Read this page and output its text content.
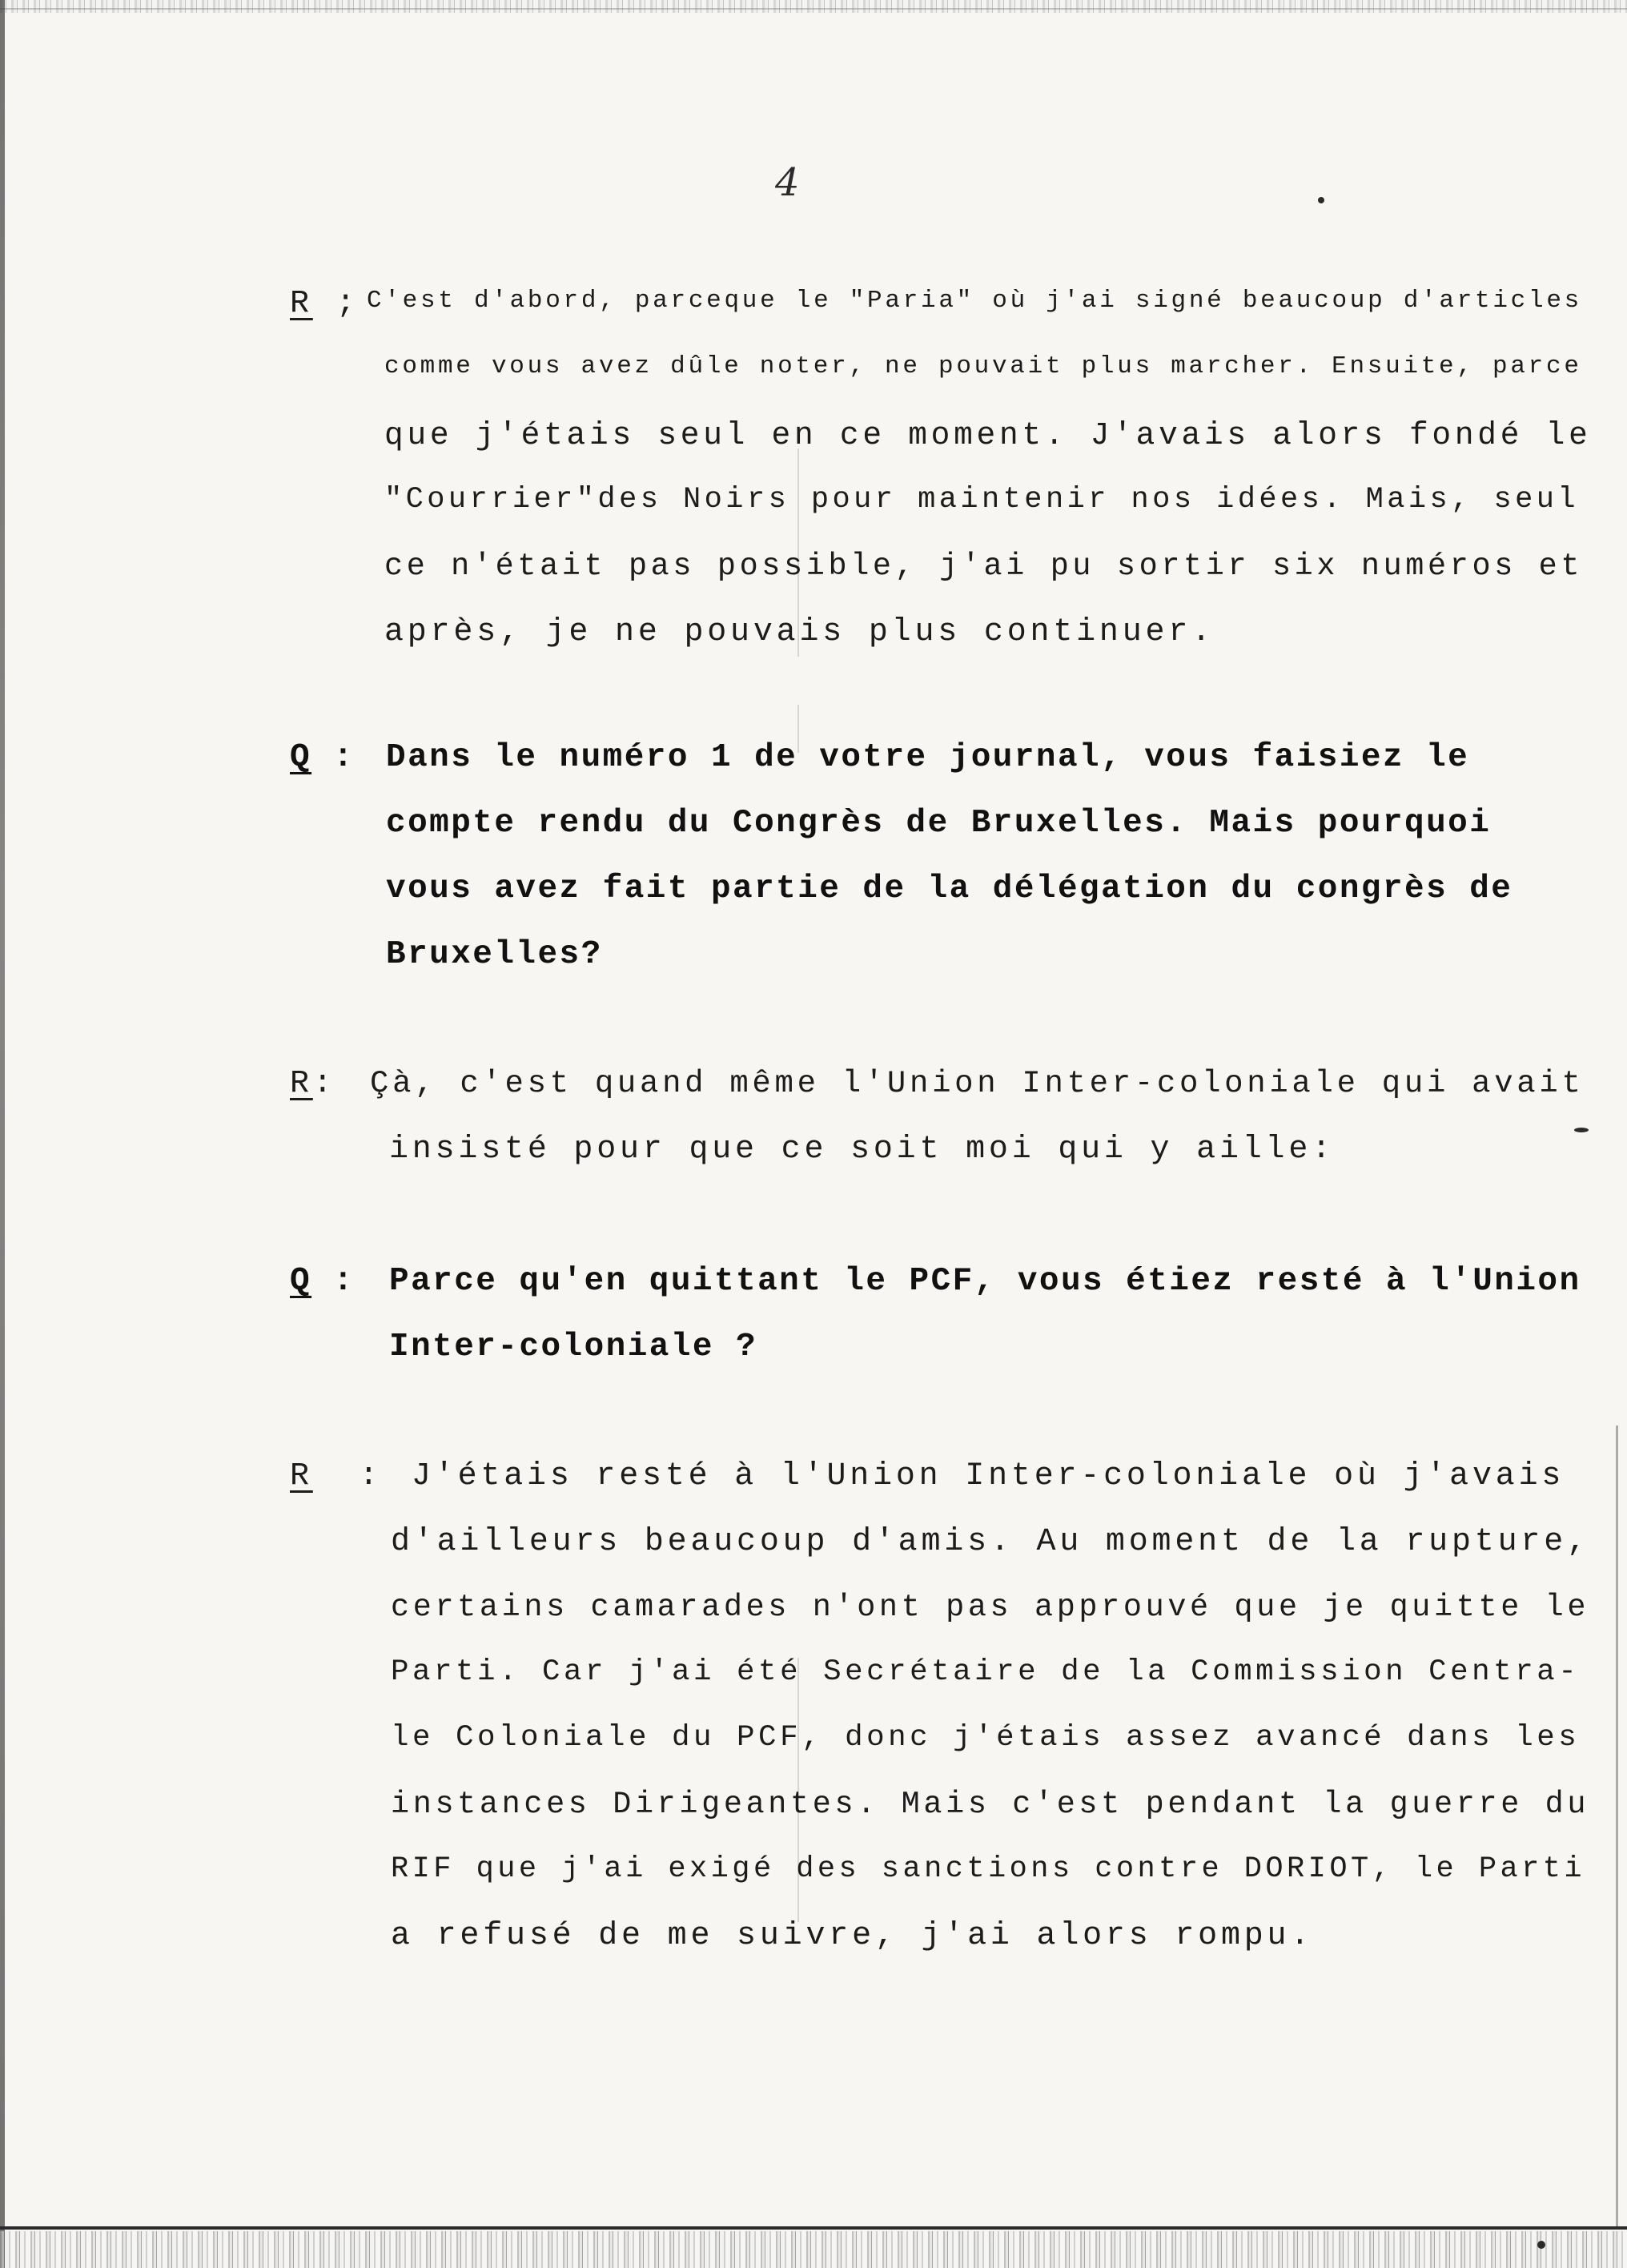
4
R ; C'est d'abord, parceque le "Paria" où j'ai signé beaucoup d'articles
comme vous avez dûle noter, ne pouvait plus marcher. Ensuite, parce
que j'étais seul en ce moment. J'avais alors fondé le
"Courrier"des Noirs pour maintenir nos idées. Mais, seul
ce n'était pas possible, j'ai pu sortir six numéros et
après, je ne pouvais plus continuer.
Q : Dans le numéro 1 de votre journal, vous faisiez le
compte rendu du Congrès de Bruxelles. Mais pourquoi
vous avez fait partie de la délégation du congrès de
Bruxelles?
R: Çà, c'est quand même l'Union Inter-coloniale qui avait
insisté pour que ce soit moi qui y aille:
Q : Parce qu'en quittant le PCF, vous étiez resté à l'Union
Inter-coloniale ?
R : J'étais resté à l'Union Inter-coloniale où j'avais
d'ailleurs beaucoup d'amis. Au moment de la rupture,
certains camarades n'ont pas approuvé que je quitte le
Parti. Car j'ai été Secrétaire de la Commission Centra-
le Coloniale du PCF, donc j'étais assez avancé dans les
instances Dirigeantes. Mais c'est pendant la guerre du
RIF que j'ai exigé des sanctions contre DORIOT, le Parti
a refusé de me suivre, j'ai alors rompu.
